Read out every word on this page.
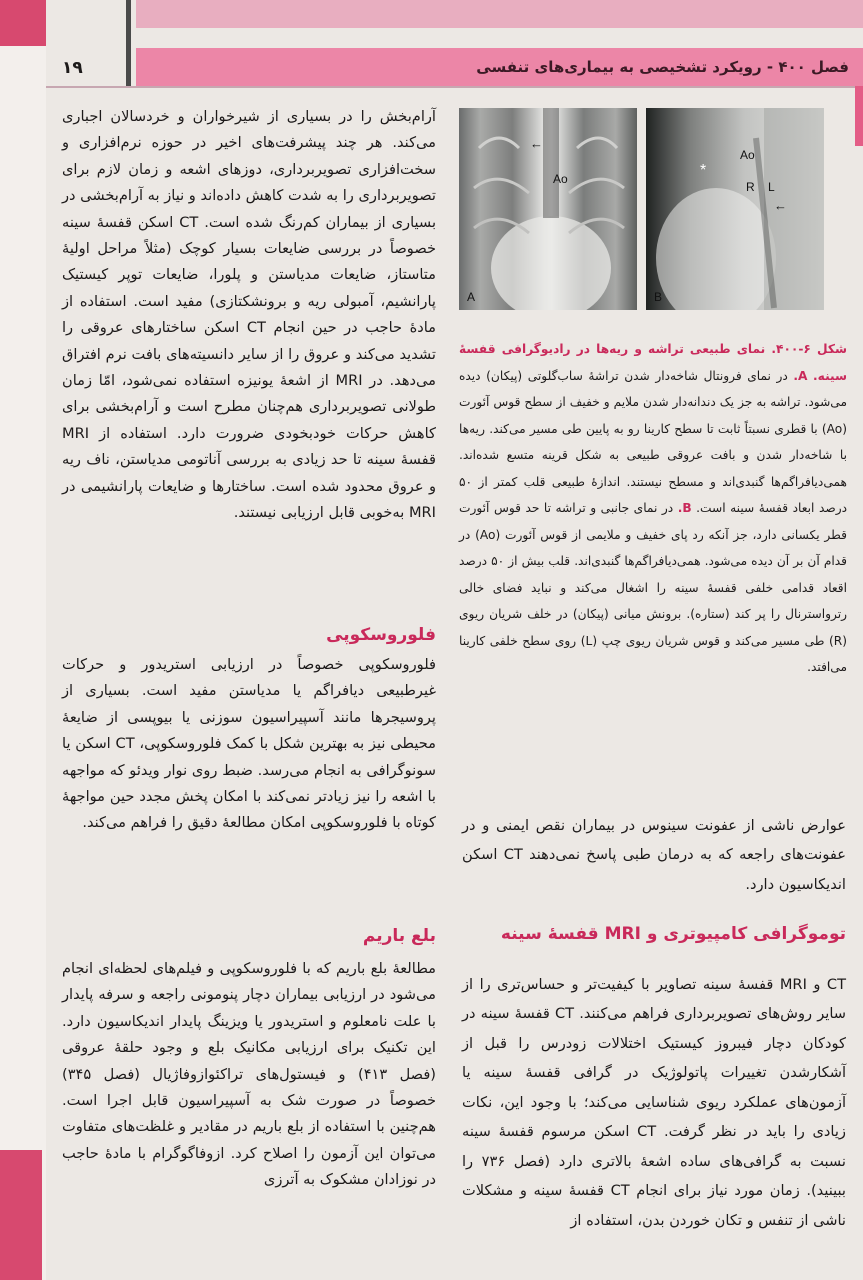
فصل ۴۰۰ - رویکرد تشخیصی به بیماری‌های تنفسی
۱۹

آرام‌بخش را در بسیاری از شیرخواران و خردسالان اجباری می‌کند. هر چند پیشرفت‌های اخیر در حوزه نرم‌افزاری و سخت‌افزاری تصویربرداری، دوزهای اشعه و زمان لازم برای تصویربرداری را به شدت کاهش داده‌اند و نیاز به آرام‌بخشی در بسیاری از بیماران کم‌رنگ شده است. CT اسکن قفسهٔ سینه خصوصاً در بررسی ضایعات بسیار کوچک (مثلاً مراحل اولیهٔ متاستاز، ضایعات مدیاستن و پلورا، ضایعات توپر کیستیک پارانشیم، آمبولی ریه و برونشکتازی) مفید است. استفاده از مادهٔ حاجب در حین انجام CT اسکن ساختارهای عروقی را تشدید می‌کند و عروق را از سایر دانسیته‌های بافت نرم افتراق می‌دهد. در MRI از اشعهٔ یونیزه استفاده نمی‌شود، امّا زمان طولانی تصویربرداری هم‌چنان مطرح است و آرام‌بخشی برای کاهش حرکات خودبخودی ضرورت دارد. استفاده از MRI قفسهٔ سینه تا حد زیادی به بررسی آناتومی مدیاستن، ناف ریه و عروق محدود شده است. ساختارها و ضایعات پارانشیمی در MRI به‌خوبی قابل ارزیابی نیستند.

فلوروسکوپی

فلوروسکوپی خصوصاً در ارزیابی استریدور و حرکات غیرطبیعی دیافراگم یا مدیاستن مفید است. بسیاری از پروسیجرها مانند آسپیراسیون سوزنی یا بیوپسی از ضایعهٔ محیطی نیز به بهترین شکل با کمک فلوروسکوپی، CT اسکن یا سونوگرافی به انجام می‌رسد. ضبط روی نوار ویدئو که مواجهه با اشعه را نیز زیادتر نمی‌کند با امکان پخش مجدد حین مواجههٔ کوتاه با فلوروسکوپی امکان مطالعهٔ دقیق را فراهم می‌کند.

بلع باریم

مطالعهٔ بلع باریم که با فلوروسکوپی و فیلم‌های لحظه‌ای انجام می‌شود در ارزیابی بیماران دچار پنومونی راجعه و سرفه پایدار با علت نامعلوم و استریدور یا ویزینگ پایدار اندیکاسیون دارد. این تکنیک برای ارزیابی مکانیک بلع و وجود حلقهٔ عروقی (فصل ۴۱۳) و فیستول‌های تراکئوازوفاژیال (فصل ۳۴۵) خصوصاً در صورت شک به آسپیراسیون قابل اجرا است. هم‌چنین با استفاده از بلع باریم در مقادیر و غلظت‌های متفاوت می‌توان این آزمون را اصلاح کرد. ازوفاگوگرام با مادهٔ حاجب در نوزادان مشکوک به آترزی

←
Ao
A
*
Ao
R L
←
B
شکل ۶-۴۰۰. نمای طبیعی تراشه و ریه‌ها در رادیوگرافی قفسهٔ سینه. A. در نمای فرونتال شاخه‌دار شدن تراشهٔ ساب‌گلوتی (پیکان) دیده می‌شود. تراشه به جز یک دندانه‌دار شدن ملایم و خفیف از سطح قوس آئورت (Ao) با قطری نسبتاً ثابت تا سطح کارینا رو به پایین طی مسیر می‌کند. ریه‌ها با شاخه‌دار شدن و بافت عروقی طبیعی به شکل قرینه متسع شده‌اند. همی‌دیافراگم‌ها گنبدی‌اند و مسطح نیستند. اندازهٔ طبیعی قلب کمتر از ۵۰ درصد ابعاد قفسهٔ سینه است. B. در نمای جانبی و تراشه تا حد قوس آئورت قطر یکسانی دارد، جز آنکه رد پای خفیف و ملایمی از قوس آئورت (Ao) در قدام آن بر آن دیده می‌شود. همی‌دیافراگم‌ها گنبدی‌اند. قلب بیش از ۵۰ درصد اقعاد قدامی خلفی قفسهٔ سینه را اشغال می‌کند و نباید فضای خالی رترواسترنال را پر کند (ستاره). برونش میانی (پیکان) در خلف شریان ریوی (R) طی مسیر می‌کند و قوس شریان ریوی چپ (L) روی سطح خلفی کارینا می‌افتد.

عوارض ناشی از عفونت سینوس در بیماران نقص ایمنی و در عفونت‌های راجعه که به درمان طبی پاسخ نمی‌دهند CT اسکن اندیکاسیون دارد.

توموگرافی کامپیوتری و MRI قفسهٔ سینه

CT و MRI قفسهٔ سینه تصاویر با کیفیت‌تر و حساس‌تری را از سایر روش‌های تصویربرداری فراهم می‌کنند. CT قفسهٔ سینه در کودکان دچار فیبروز کیستیک اختلالات زودرس را قبل از آشکارشدن تغییرات پاتولوژیک در گرافی قفسهٔ سینه یا آزمون‌های عملکرد ریوی شناسایی می‌کند؛ با وجود این، نکات زیادی را باید در نظر گرفت. CT اسکن مرسوم قفسهٔ سینه نسبت به گرافی‌های ساده اشعهٔ بالاتری دارد (فصل ۷۳۶ را ببینید). زمان مورد نیاز برای انجام CT قفسهٔ سینه و مشکلات ناشی از تنفس و تکان خوردن بدن، استفاده از
